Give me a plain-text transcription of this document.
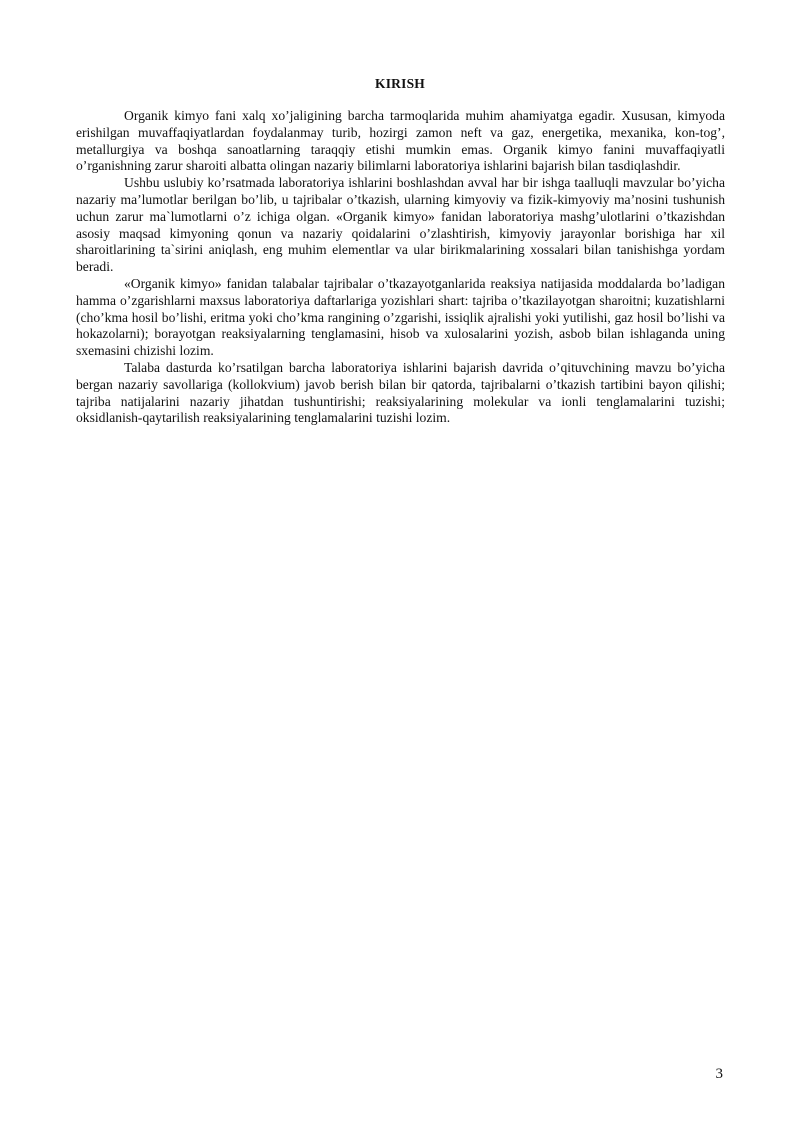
KIRISH

Organik kimyo fani xalq xo’jaligining barcha tarmoqlarida muhim ahamiyatga egadir. Xususan, kimyoda erishilgan muvaffaqiyatlardan foydalanmay turib, hozirgi zamon neft va gaz, energetika, mexanika, kon-tog’, metallurgiya va boshqa sanoatlarning taraqqiy etishi mumkin emas. Organik kimyo fanini muvaffaqiyatli o’rganishning zarur sharoiti albatta olingan nazariy bilimlarni laboratoriya ishlarini bajarish bilan tasdiqlashdir.

Ushbu uslubiy ko’rsatmada laboratoriya ishlarini boshlashdan avval har bir ishga taalluqli mavzular bo’yicha nazariy ma’lumotlar berilgan bo’lib, u tajribalar o’tkazish, ularning kimyoviy va fizik-kimyoviy ma’nosini tushunish uchun zarur ma`lumotlarni o’z ichiga olgan. «Organik kimyo» fanidan laboratoriya mashg’ulotlarini o’tkazishdan asosiy maqsad kimyoning qonun va nazariy qoidalarini o’zlashtirish, kimyoviy jarayonlar borishiga har xil sharoitlarining ta`sirini aniqlash, eng muhim elementlar va ular birikmalarining xossalari bilan tanishishga yordam beradi.

«Organik kimyo» fanidan talabalar tajribalar o’tkazayotganlarida reaksiya natijasida moddalarda bo’ladigan hamma o’zgarishlarni maxsus laboratoriya daftarlariga yozishlari shart: tajriba o’tkazilayotgan sharoitni; kuzatishlarni (cho’kma hosil bo’lishi, eritma yoki cho’kma rangining o’zgarishi, issiqlik ajralishi yoki yutilishi, gaz hosil bo’lishi va hokazolarni); borayotgan reaksiyalarning tenglamasini, hisob va xulosalarini yozish, asbob bilan ishlaganda uning sxemasini chizishi lozim.

Talaba dasturda ko’rsatilgan barcha laboratoriya ishlarini bajarish davrida o’qituvchining mavzu bo’yicha bergan nazariy savollariga (kollokvium) javob berish bilan bir qatorda, tajribalarni o’tkazish tartibini bayon qilishi; tajriba natijalarini nazariy jihatdan tushuntirishi; reaksiyalarining molekular va ionli tenglamalarini tuzishi; oksidlanish-qaytarilish reaksiyalarining tenglamalarini tuzishi lozim.

3
